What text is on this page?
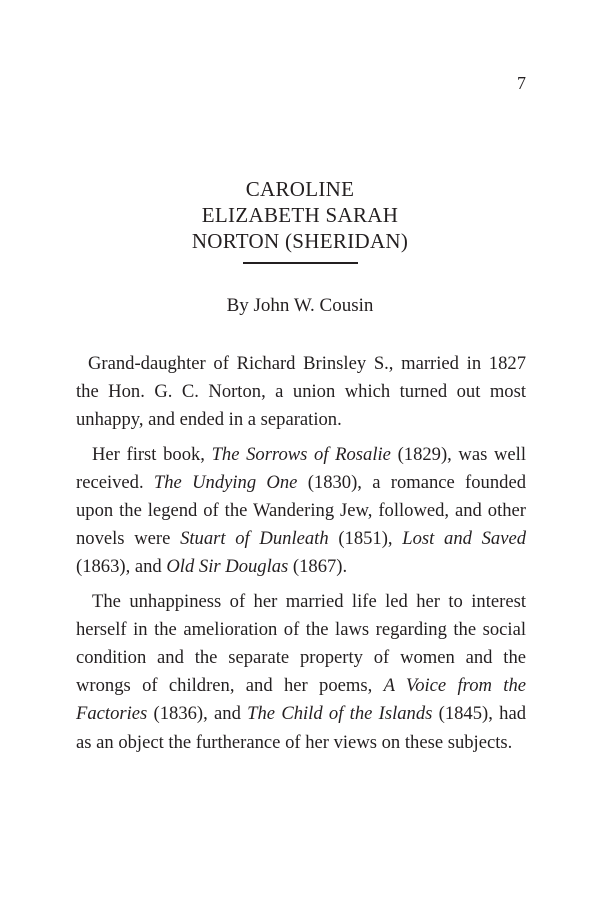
7
CAROLINE
ELIZABETH SARAH
NORTON (SHERIDAN)
By John W. Cousin

Grand-daughter of Richard Brinsley S., married in 1827 the Hon. G. C. Norton, a union which turned out most unhappy, and ended in a separation.

Her first book, The Sorrows of Rosalie (1829), was well received. The Undying One (1830), a romance founded upon the legend of the Wandering Jew, followed, and other novels were Stuart of Dunleath (1851), Lost and Saved (1863), and Old Sir Douglas (1867).

The unhappiness of her married life led her to interest herself in the amelioration of the laws regarding the social condition and the separate property of women and the wrongs of children, and her poems, A Voice from the Factories (1836), and The Child of the Islands (1845), had as an object the furtherance of her views on these subjects.
